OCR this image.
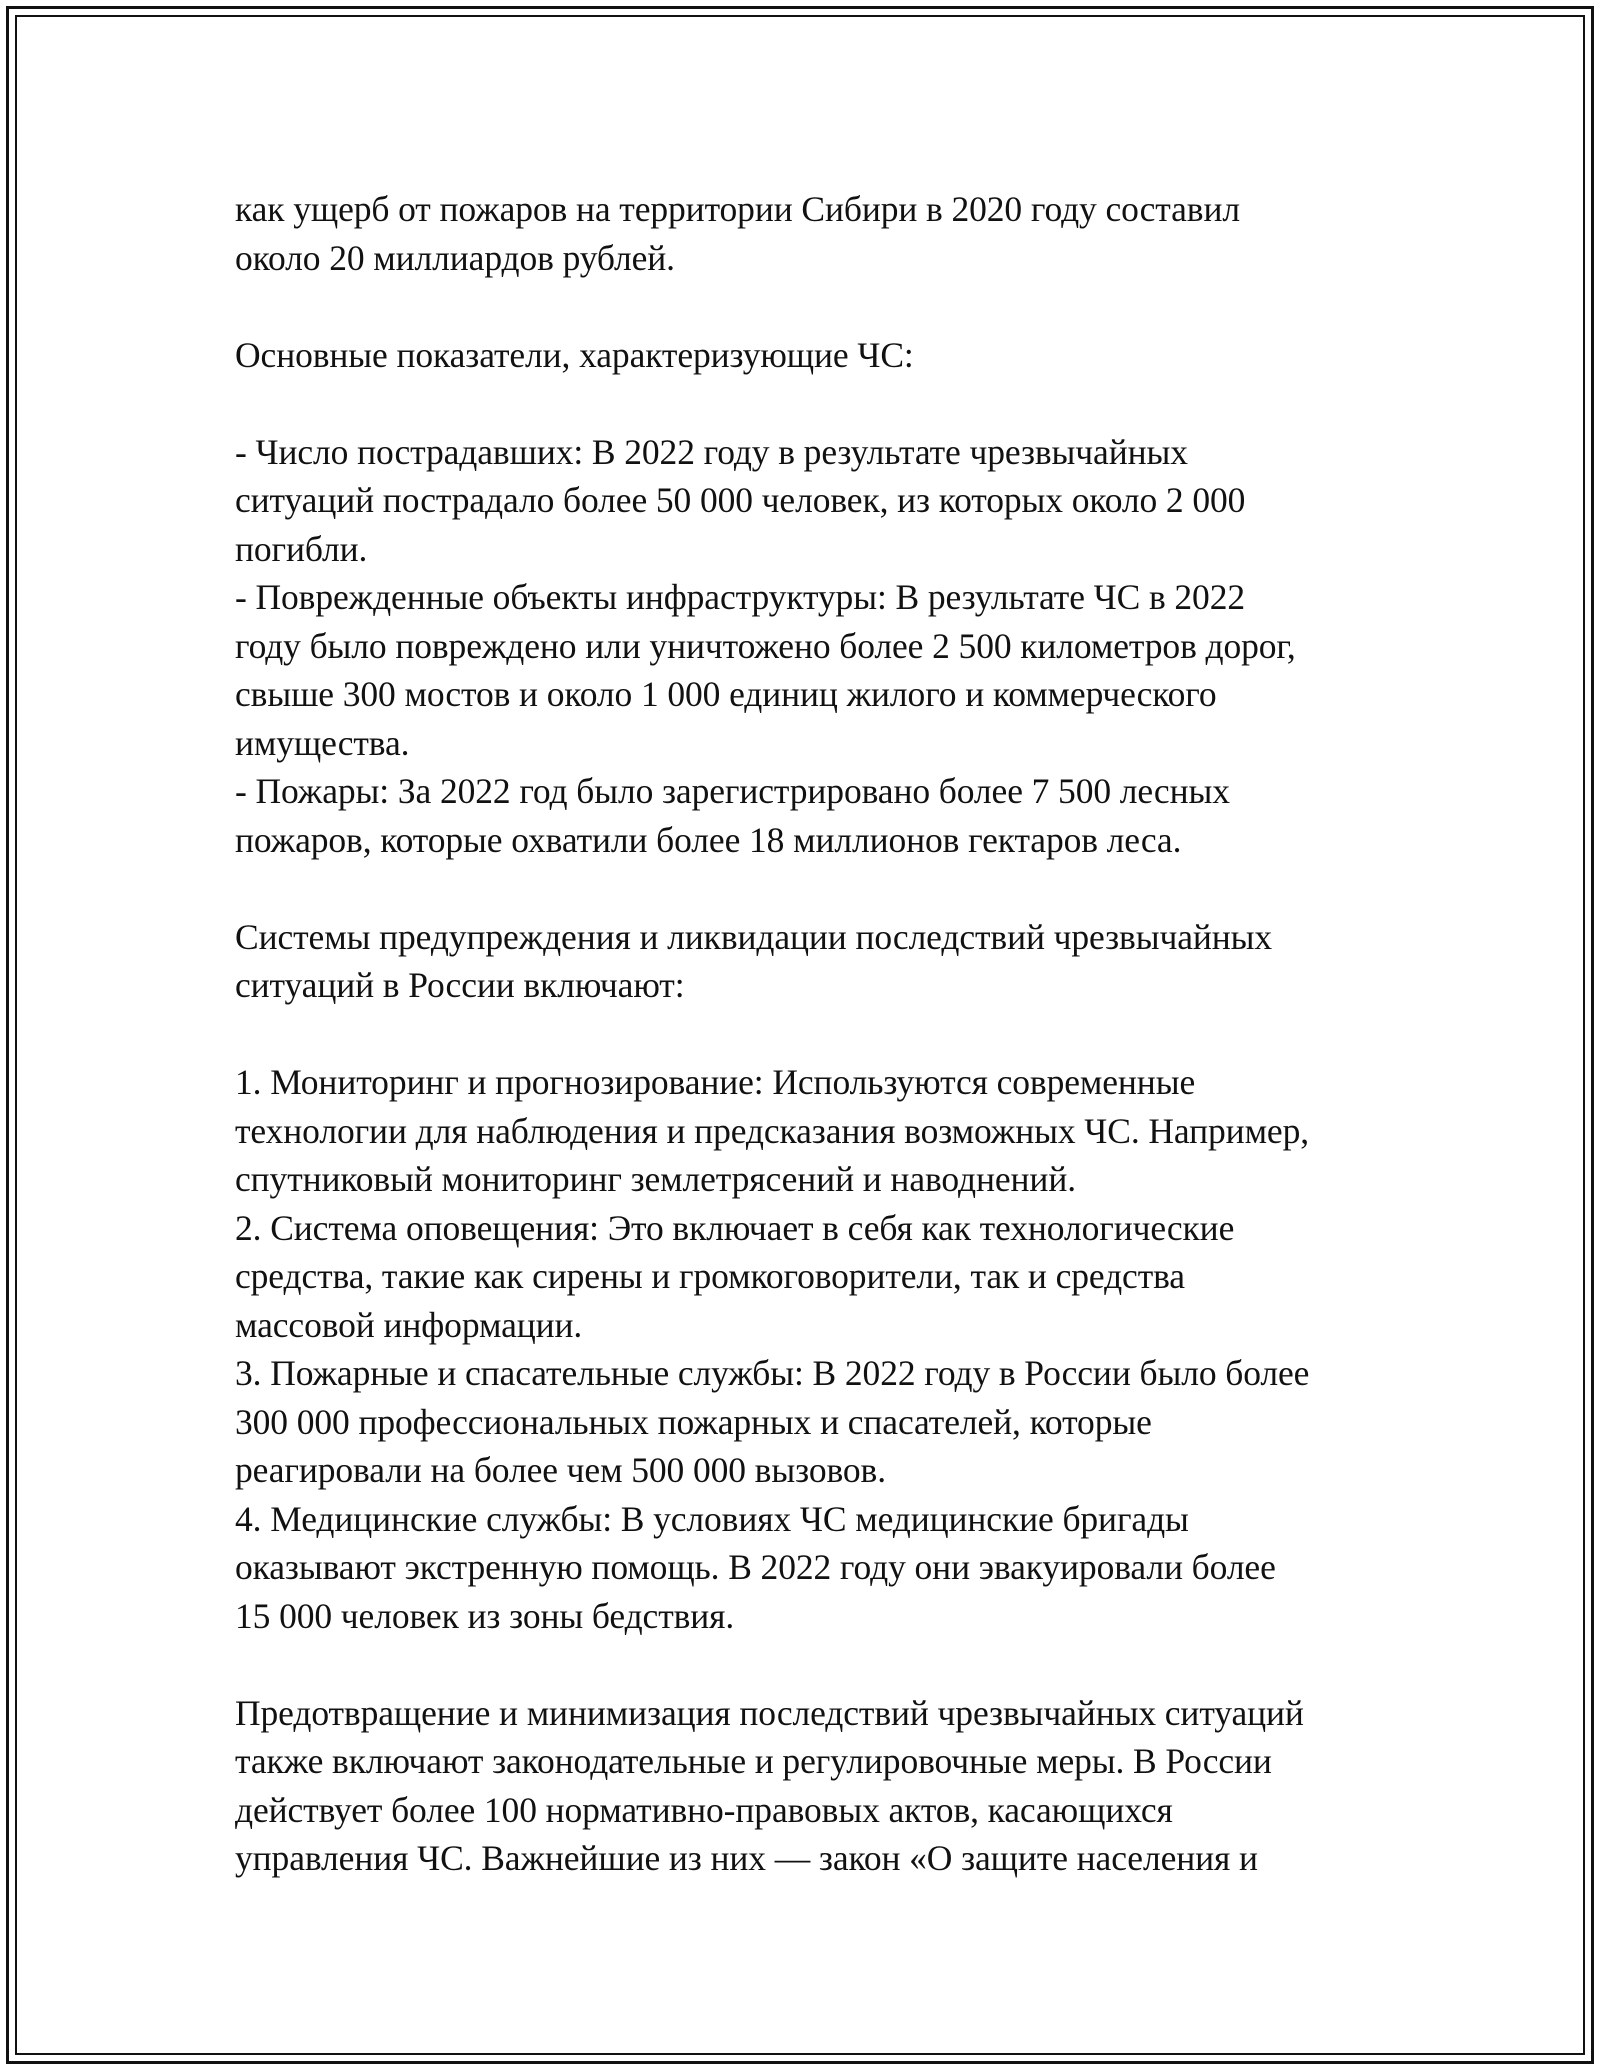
как ущерб от пожаров на территории Сибири в 2020 году составил
около 20 миллиардов рублей.

Основные показатели, характеризующие ЧС:

- Число пострадавших: В 2022 году в результате чрезвычайных
ситуаций пострадало более 50 000 человек, из которых около 2 000
погибли.
- Поврежденные объекты инфраструктуры: В результате ЧС в 2022
году было повреждено или уничтожено более 2 500 километров дорог,
свыше 300 мостов и около 1 000 единиц жилого и коммерческого
имущества.
- Пожары: За 2022 год было зарегистрировано более 7 500 лесных
пожаров, которые охватили более 18 миллионов гектаров леса.

Системы предупреждения и ликвидации последствий чрезвычайных
ситуаций в России включают:

1. Мониторинг и прогнозирование: Используются современные
технологии для наблюдения и предсказания возможных ЧС. Например,
спутниковый мониторинг землетрясений и наводнений.
2. Система оповещения: Это включает в себя как технологические
средства, такие как сирены и громкоговорители, так и средства
массовой информации.
3. Пожарные и спасательные службы: В 2022 году в России было более
300 000 профессиональных пожарных и спасателей, которые
реагировали на более чем 500 000 вызовов.
4. Медицинские службы: В условиях ЧС медицинские бригады
оказывают экстренную помощь. В 2022 году они эвакуировали более
15 000 человек из зоны бедствия.

Предотвращение и минимизация последствий чрезвычайных ситуаций
также включают законодательные и регулировочные меры. В России
действует более 100 нормативно-правовых актов, касающихся
управления ЧС. Важнейшие из них — закон «О защите населения и
